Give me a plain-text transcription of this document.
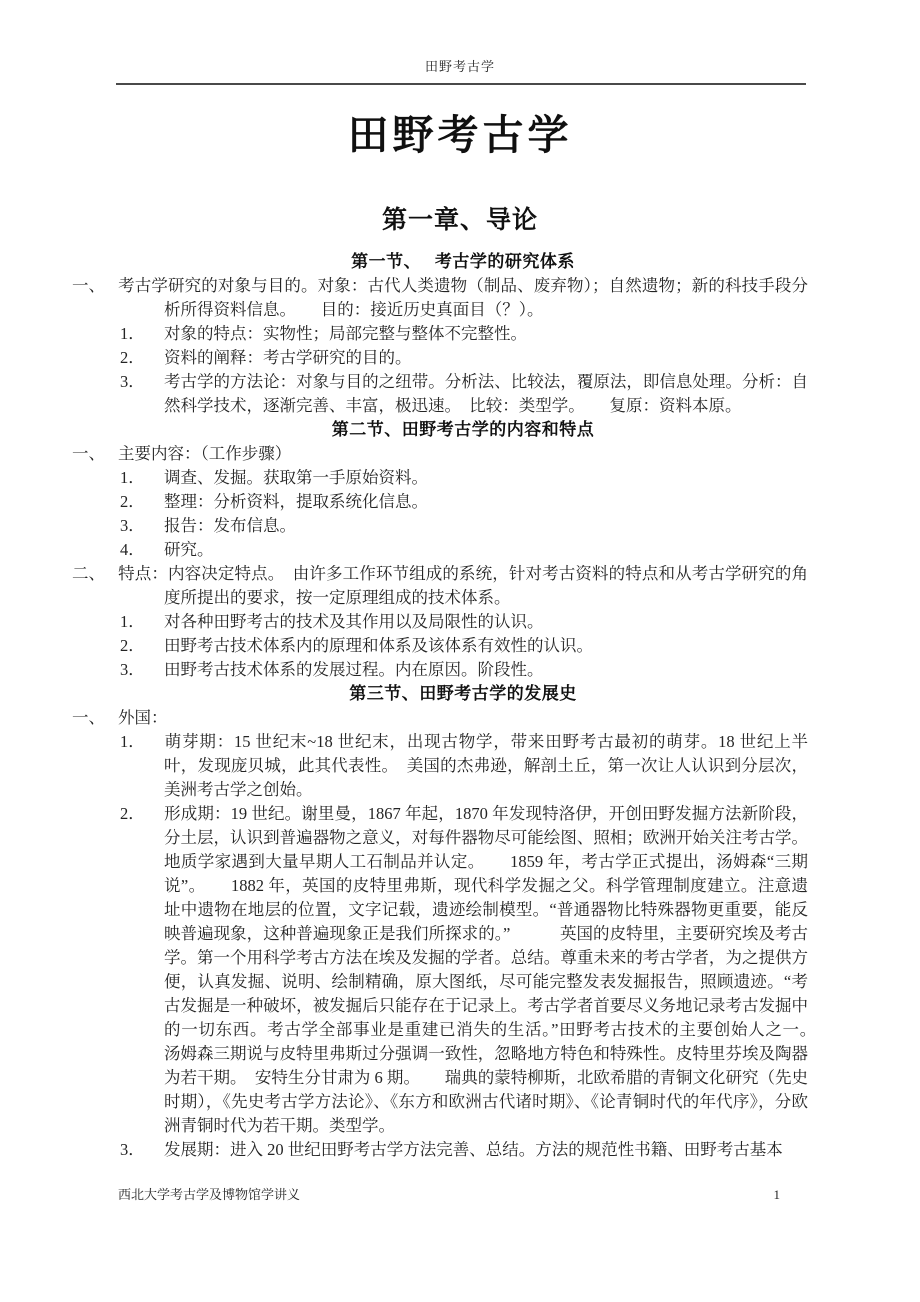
田野考古学
田野考古学
第一章、导论
第一节、　 考古学的研究体系
一、 考古学研究的对象与目的。对象：古代人类遗物（制品、废弃物）；自然遗物；新的科技手段分析所得资料信息。　　目的：接近历史真面目（？）。
1． 对象的特点：实物性；局部完整与整体不完整性。
2． 资料的阐释：考古学研究的目的。
3． 考古学的方法论：对象与目的之纽带。分析法、比较法，覆原法，即信息处理。分析：自然科学技术，逐渐完善、丰富，极迅速。　比较：类型学。　　复原：资料本原。
第二节、田野考古学的内容和特点
一、 主要内容：（工作步骤）
1． 调查、发掘。获取第一手原始资料。
2． 整理：分析资料，提取系统化信息。
3． 报告：发布信息。
4． 研究。
二、 特点：内容决定特点。　由许多工作环节组成的系统，针对考古资料的特点和从考古学研究的角度所提出的要求，按一定原理组成的技术体系。
1． 对各种田野考古的技术及其作用以及局限性的认识。
2． 田野考古技术体系内的原理和体系及该体系有效性的认识。
3． 田野考古技术体系的发展过程。内在原因。阶段性。
第三节、田野考古学的发展史
一、 外国：
1． 萌芽期：15 世纪末~18 世纪末，出现古物学，带来田野考古最初的萌芽。18 世纪上半叶，发现庞贝城，此其代表性。　美国的杰弗逊，解剖土丘，第一次让人认识到分层次，美洲考古学之创始。
2． 形成期：19 世纪。谢里曼，1867 年起，1870 年发现特洛伊，开创田野发掘方法新阶段，分土层，认识到普遍器物之意义，对每件器物尽可能绘图、照相；欧洲开始关注考古学。地质学家遇到大量早期人工石制品并认定。　　1859 年，考古学正式提出，汤姆森“三期说”。　　1882 年，英国的皮特里弗斯，现代科学发掘之父。科学管理制度建立。注意遗址中遗物在地层的位置，文字记载，遗迹绘制模型。“普通器物比特殊器物更重要，能反映普遍现象，这种普遍现象正是我们所探求的。”　　　英国的皮特里，主要研究埃及考古学。第一个用科学考古方法在埃及发掘的学者。总结。尊重未来的考古学者，为之提供方便，认真发掘、说明、绘制精确，原大图纸，尽可能完整发表发掘报告，照顾遗迹。“考古发掘是一种破坏，被发掘后只能存在于记录上。考古学者首要尽义务地记录考古发掘中的一切东西。考古学全部事业是重建已消失的生活。”田野考古技术的主要创始人之一。　　汤姆森三期说与皮特里弗斯过分强调一致性，忽略地方特色和特殊性。皮特里芬埃及陶器为若干期。　安特生分甘肃为 6 期。　　瑞典的蒙特柳斯，北欧希腊的青铜文化研究（先史时期），《先史考古学方法论》、《东方和欧洲古代诸时期》、《论青铜时代的年代序》，分欧洲青铜时代为若干期。类型学。
3． 发展期：进入 20 世纪田野考古学方法完善、总结。方法的规范性书籍、田野考古基本
西北大学考古学及博物馆学讲义	1
